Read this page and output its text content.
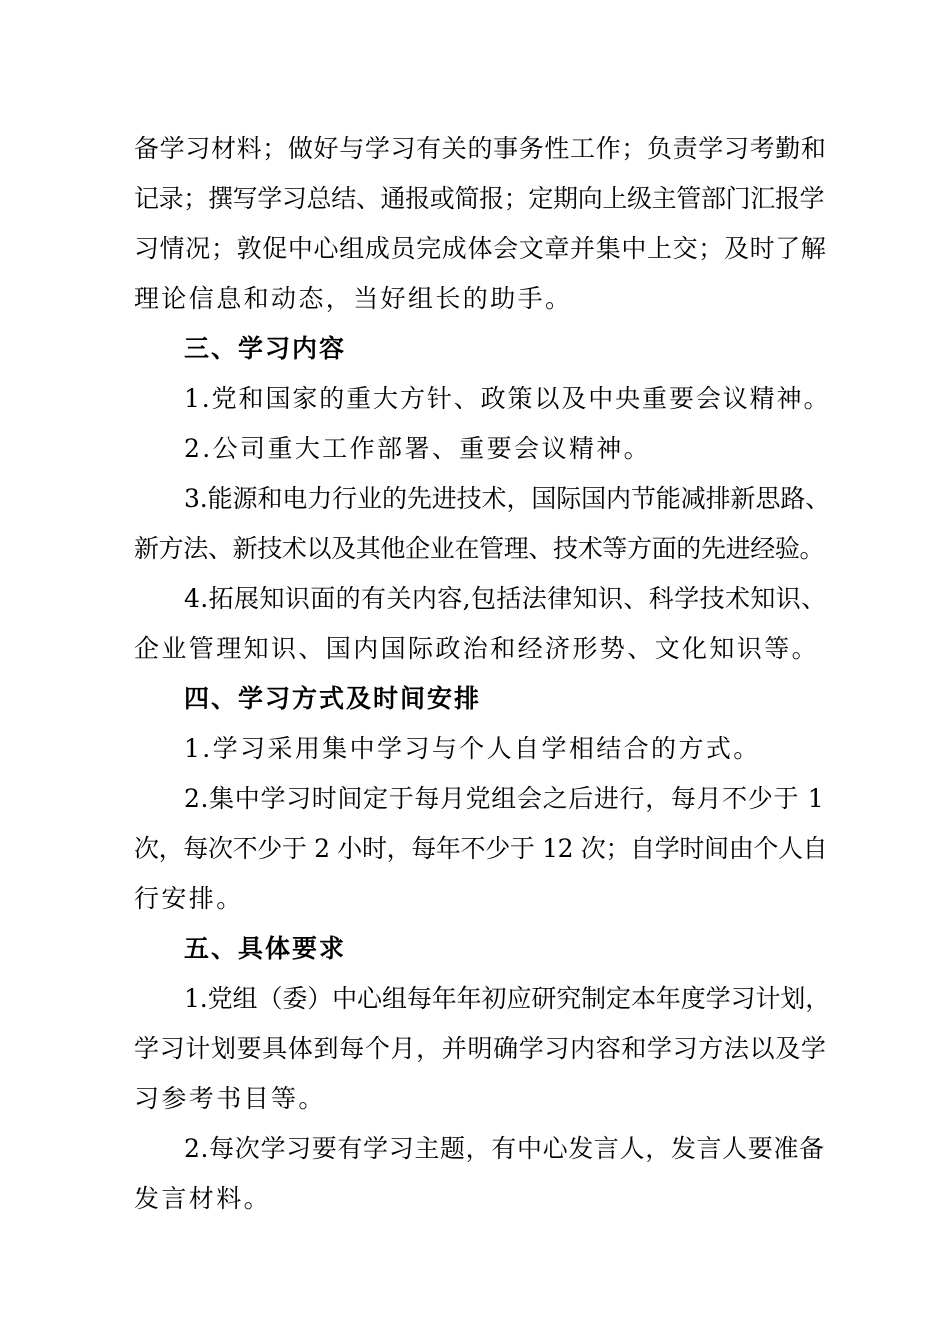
备学习材料；做好与学习有关的事务性工作；负责学习考勤和
记录；撰写学习总结、通报或简报；定期向上级主管部门汇报学
习情况；敦促中心组成员完成体会文章并集中上交；及时了解
理论信息和动态，当好组长的助手。
三、学习内容
1.党和国家的重大方针、政策以及中央重要会议精神。
2.公司重大工作部署、重要会议精神。
3.能源和电力行业的先进技术，国际国内节能减排新思路、
新方法、新技术以及其他企业在管理、技术等方面的先进经验。
4.拓展知识面的有关内容,包括法律知识、科学技术知识、
企业管理知识、国内国际政治和经济形势、文化知识等。
四、学习方式及时间安排
1.学习采用集中学习与个人自学相结合的方式。
2.集中学习时间定于每月党组会之后进行，每月不少于 1
次，每次不少于 2 小时，每年不少于 12 次；自学时间由个人自
行安排。
五、具体要求
1.党组（委）中心组每年年初应研究制定本年度学习计划，
学习计划要具体到每个月，并明确学习内容和学习方法以及学
习参考书目等。
2.每次学习要有学习主题，有中心发言人，发言人要准备
发言材料。
